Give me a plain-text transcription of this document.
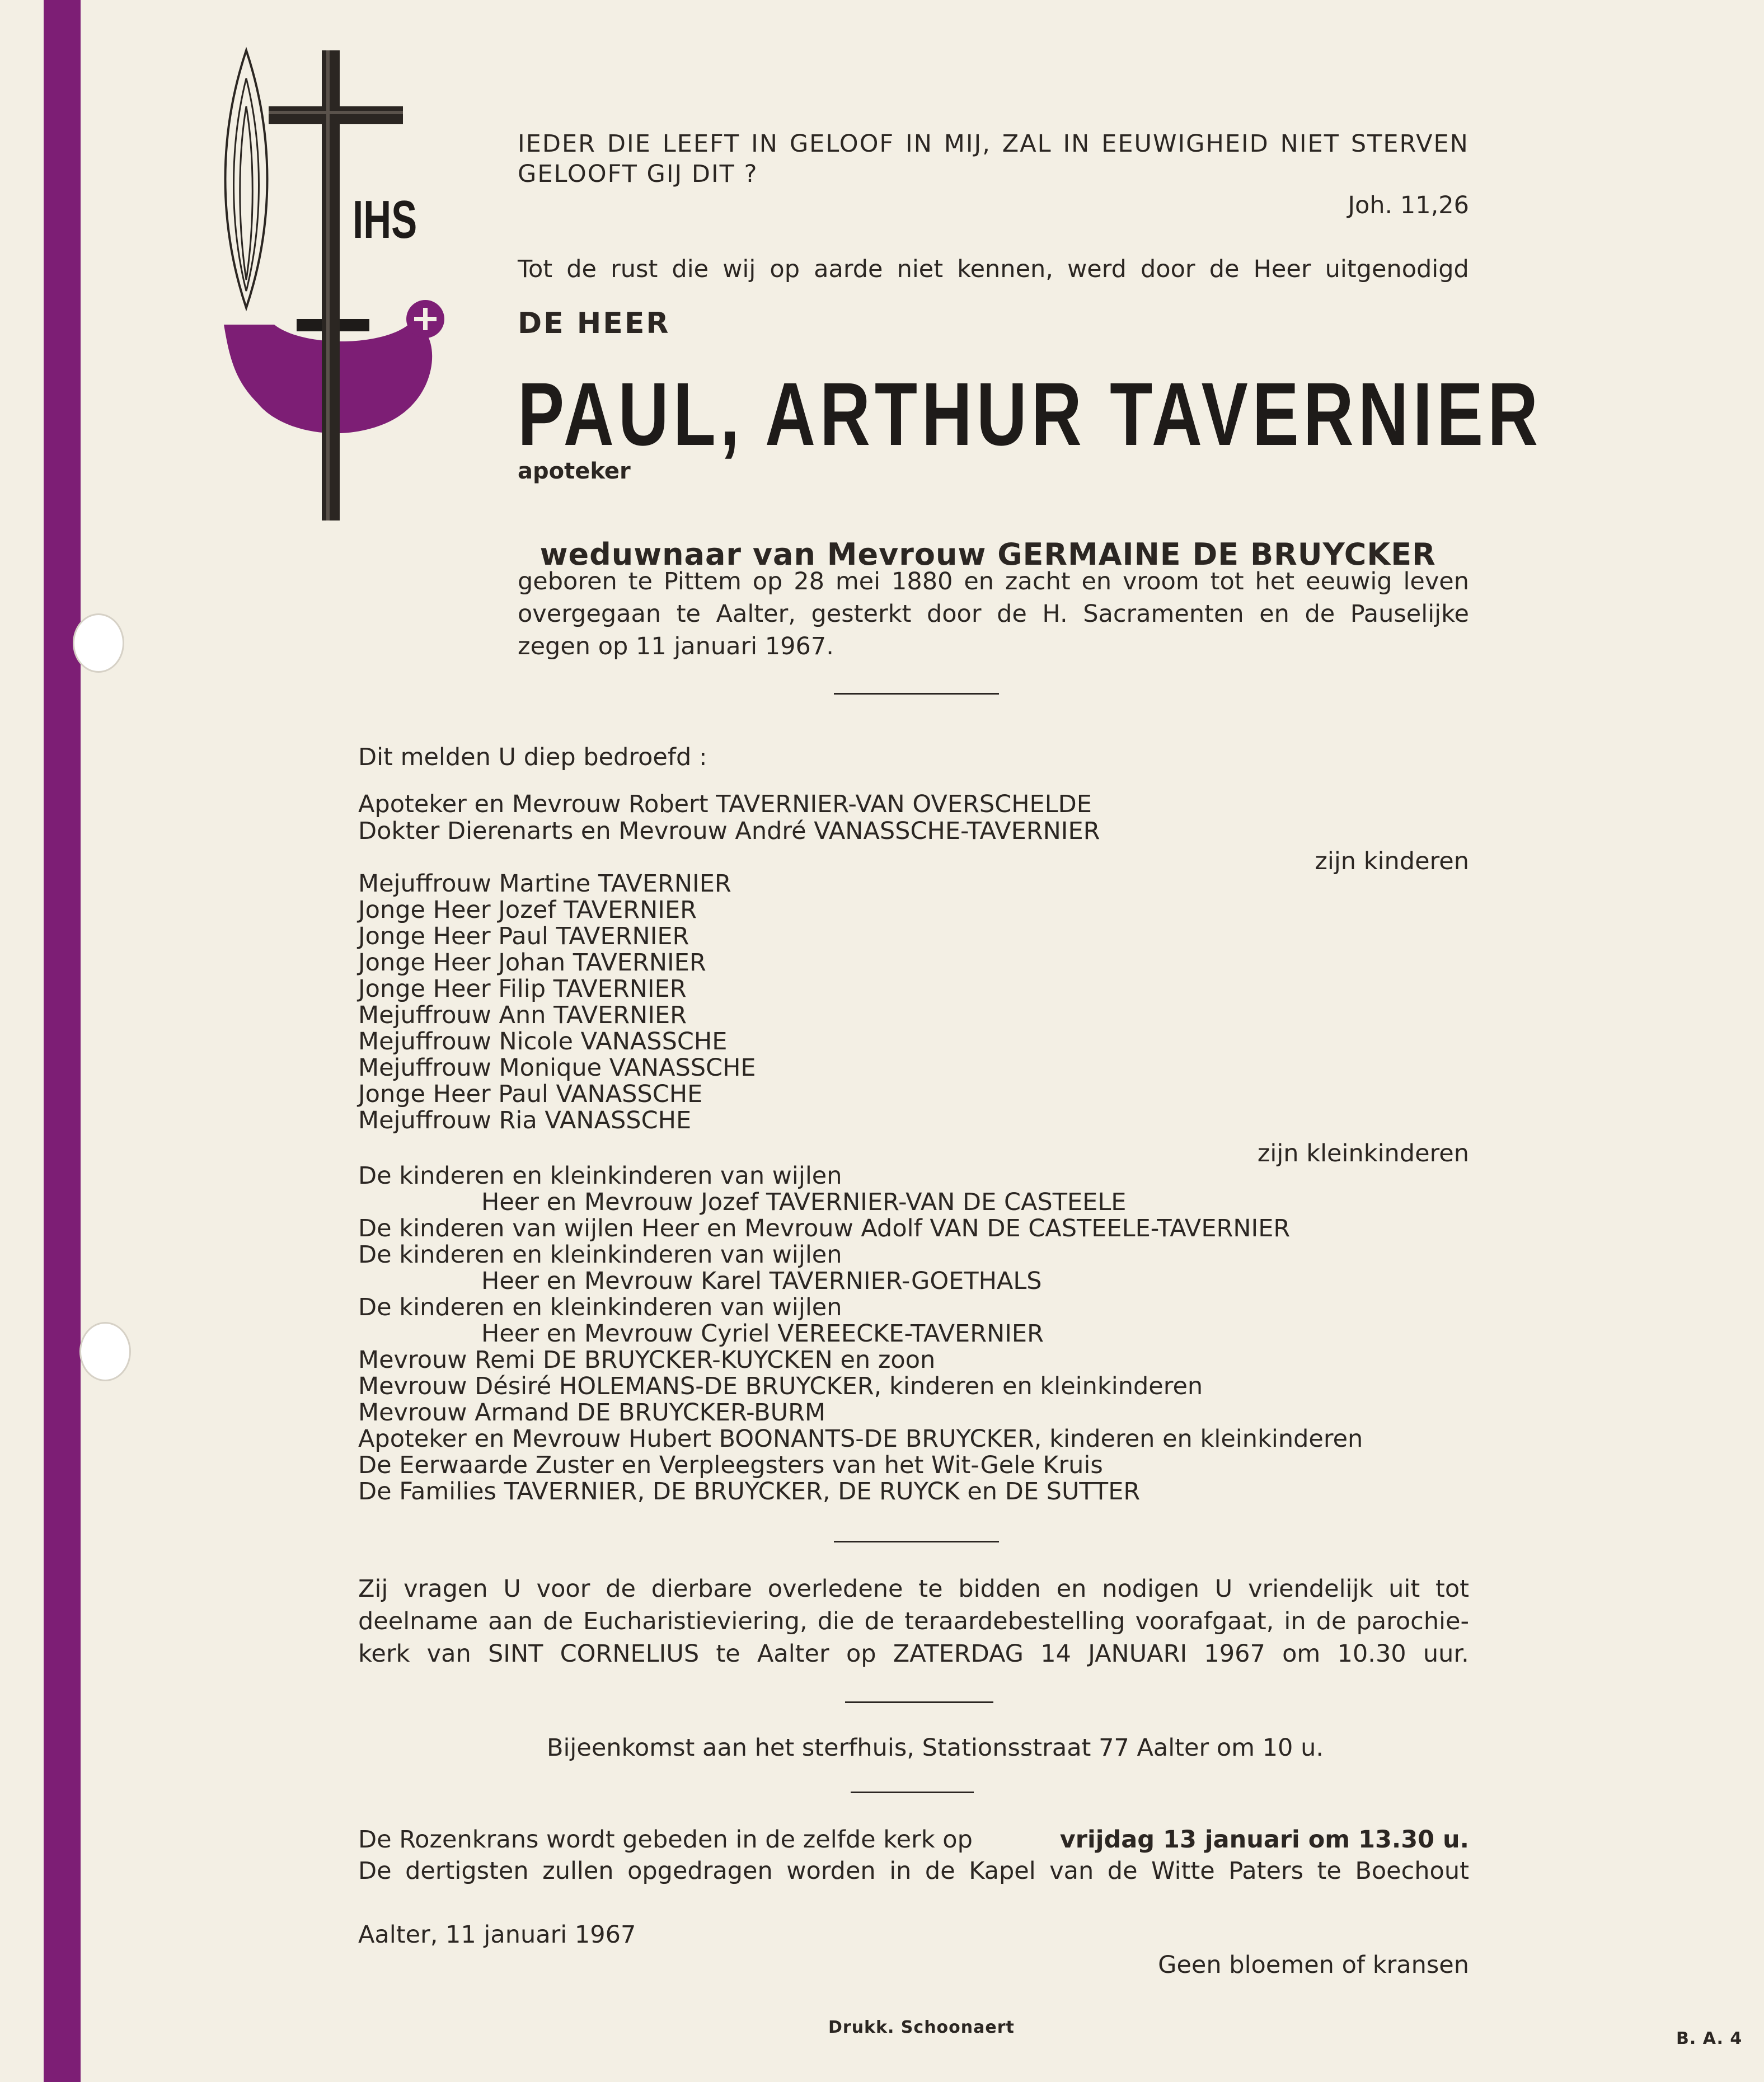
IHS
IEDER DIE LEEFT IN GELOOF IN MIJ, ZAL IN EEUWIGHEID NIET STERVEN
GELOOFT GIJ DIT ?
Joh. 11,26
Tot de rust die wij op aarde niet kennen, werd door de Heer uitgenodigd
DE HEER
PAUL, ARTHUR TAVERNIER
apoteker

weduwnaar van Mevrouw GERMAINE DE BRUYCKER

geboren te Pittem op 28 mei 1880 en zacht en vroom tot het eeuwig leven
overgegaan te Aalter, gesterkt door de H. Sacramenten en de Pauselijke
zegen op 11 januari 1967.
Dit melden U diep bedroefd :
Apoteker en Mevrouw Robert TAVERNIER-VAN OVERSCHELDE
Dokter Dierenarts en Mevrouw André VANASSCHE-TAVERNIER
zijn kinderen
Mejuffrouw Martine TAVERNIER
Jonge Heer Jozef TAVERNIER
Jonge Heer Paul TAVERNIER
Jonge Heer Johan TAVERNIER
Jonge Heer Filip TAVERNIER
Mejuffrouw Ann TAVERNIER
Mejuffrouw Nicole VANASSCHE
Mejuffrouw Monique VANASSCHE
Jonge Heer Paul VANASSCHE
Mejuffrouw Ria VANASSCHE
zijn kleinkinderen
De kinderen en kleinkinderen van wijlen
Heer en Mevrouw Jozef TAVERNIER-VAN DE CASTEELE
De kinderen van wijlen Heer en Mevrouw Adolf VAN DE CASTEELE-TAVERNIER
De kinderen en kleinkinderen van wijlen
Heer en Mevrouw Karel TAVERNIER-GOETHALS
De kinderen en kleinkinderen van wijlen
Heer en Mevrouw Cyriel VEREECKE-TAVERNIER
Mevrouw Remi DE BRUYCKER-KUYCKEN en zoon
Mevrouw Désiré HOLEMANS-DE BRUYCKER, kinderen en kleinkinderen
Mevrouw Armand DE BRUYCKER-BURM
Apoteker en Mevrouw Hubert BOONANTS-DE BRUYCKER, kinderen en kleinkinderen
De Eerwaarde Zuster en Verpleegsters van het Wit-Gele Kruis
De Families TAVERNIER, DE BRUYCKER, DE RUYCK en DE SUTTER
Zij vragen U voor de dierbare overledene te bidden en nodigen U vriendelijk uit tot
deelname aan de Eucharistieviering, die de teraardebestelling voorafgaat, in de parochie-
kerk van SINT CORNELIUS te Aalter op ZATERDAG 14 JANUARI 1967 om 10.30 uur.
Bijeenkomst aan het sterfhuis, Stationsstraat 77 Aalter om 10 u.
De Rozenkrans wordt gebeden in de zelfde kerk op	vrijdag 13 januari om 13.30 u.
De dertigsten zullen opgedragen worden in de Kapel van de Witte Paters te Boechout
Aalter, 11 januari 1967
Geen bloemen of kransen
Drukk. Schoonaert
B. A. 4
